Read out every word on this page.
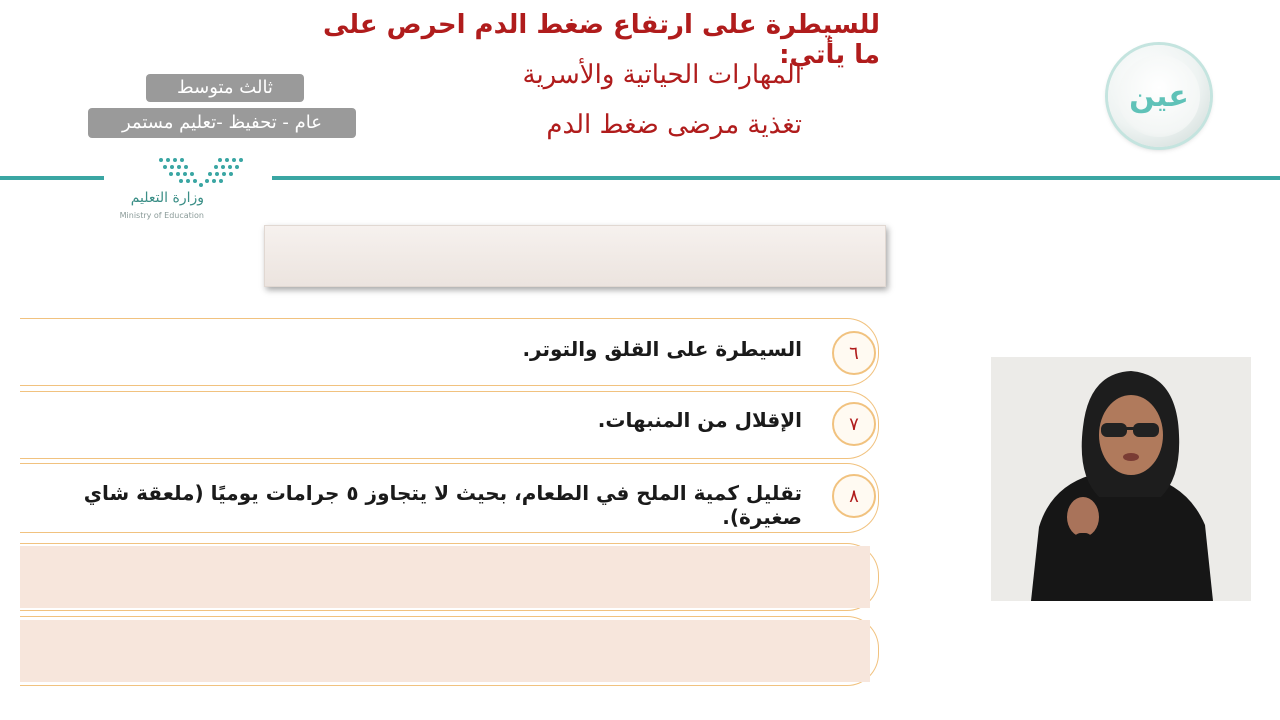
عين
المهارات الحياتية والأسرية
تغذية مرضى ضغط الدم
ثالث متوسط
عام - تحفيظ -تعليم مستمر
وزارة التعليم
Ministry of Education
للسيطرة على ارتفاع ضغط الدم احرص على ما يأتي:
٦
السيطرة على القلق والتوتر.
٧
الإقلال من المنبهات.
٨
تقليل كمية الملح في الطعام، بحيث لا يتجاوز ٥ جرامات يوميًا (ملعقة شاي صغيرة).
